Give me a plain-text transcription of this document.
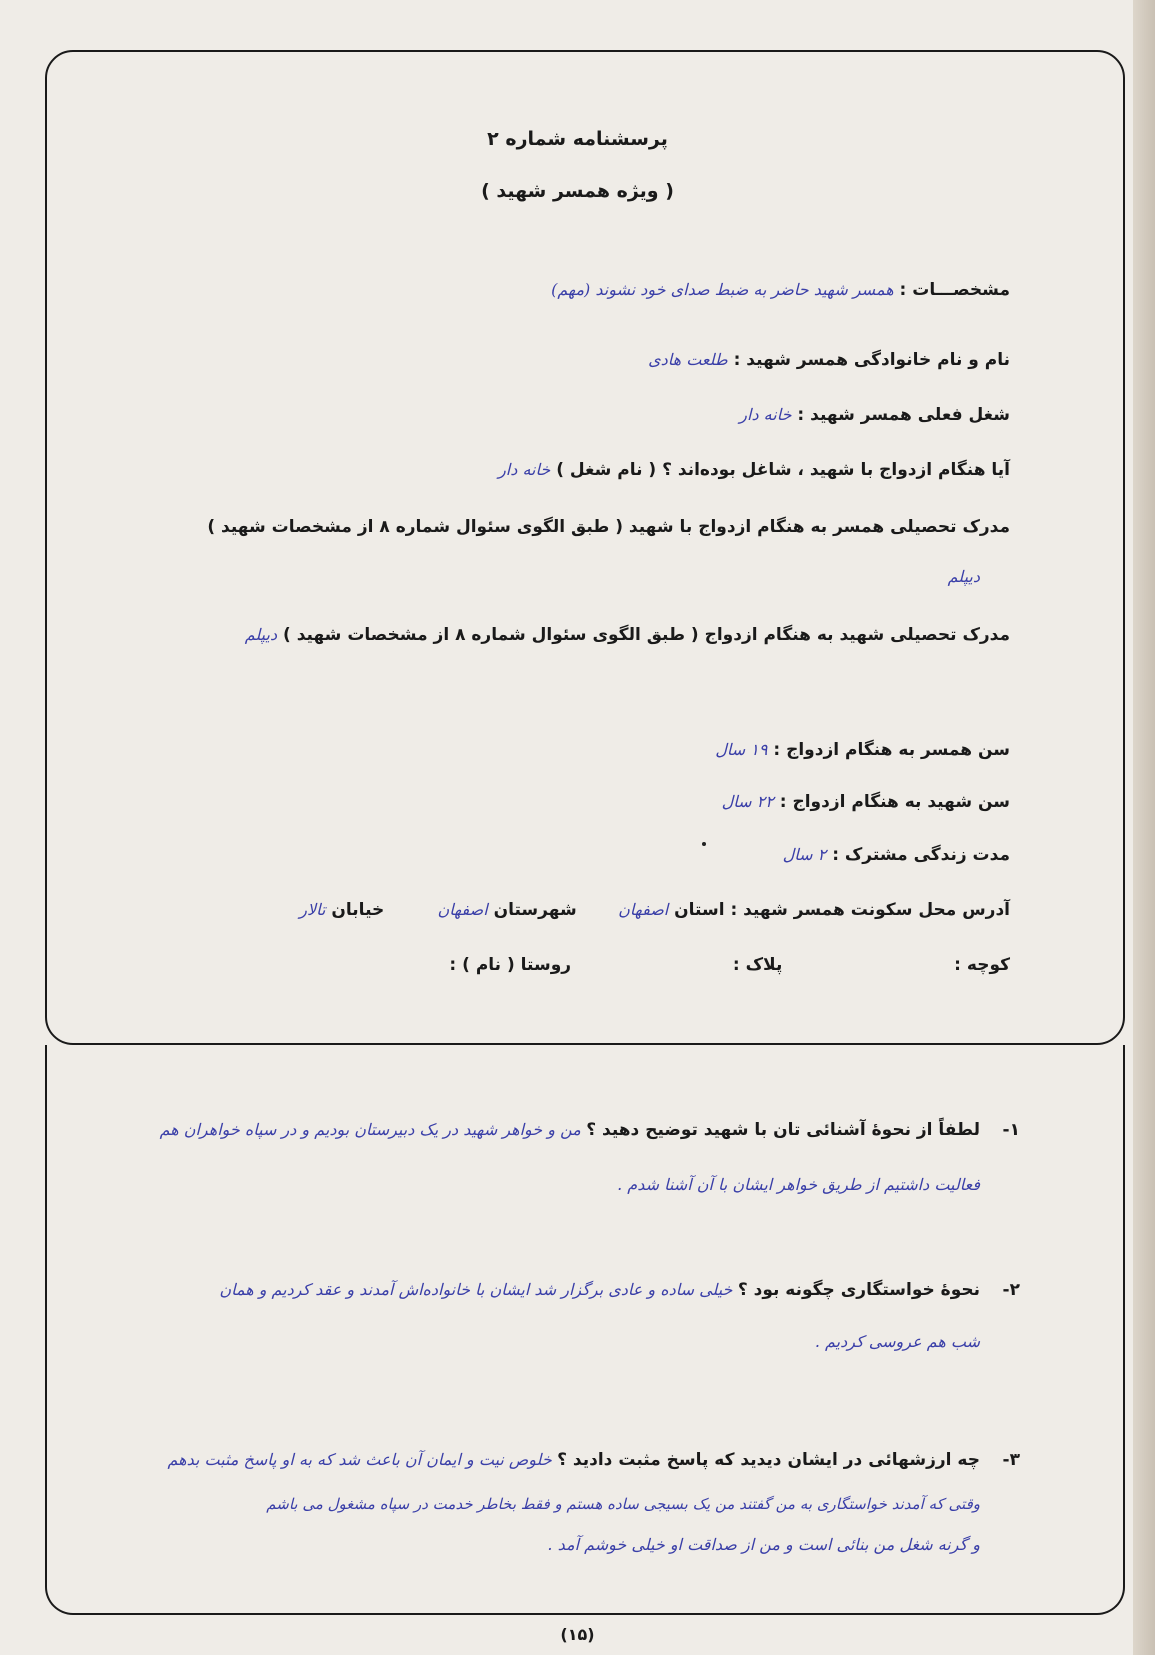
پرسشنامه شماره ۲
( ویژه همسر شهید )
مشخصـــات : همسر شهید حاضر به ضبط صدای خود نشوند (مهم)
نام و نام خانوادگی همسر شهید : طلعت هادی
شغل فعلی همسر شهید : خانه دار
آیا هنگام ازدواج با شهید ، شاغل بوده‌اند ؟ ( نام شغل ) خانه دار
مدرک تحصیلی همسر به هنگام ازدواج با شهید ( طبق الگوی سئوال شماره ۸ از مشخصات شهید )
دیپلم
مدرک تحصیلی شهید به هنگام ازدواج ( طبق الگوی سئوال شماره ۸ از مشخصات شهید ) دیپلم
سن همسر به هنگام ازدواج : ۱۹ سال
سن شهید به هنگام ازدواج : ۲۲ سال
مدت زندگی مشترک : ۲ سال
آدرس محل سکونت همسر شهید : استان اصفهان       شهرستان اصفهان         خیابان تالار
کوچه :  پلاک :  روستا ( نام ) :
۱-
لطفاً از نحوهٔ آشنائی تان با شهید توضیح دهید ؟ من و خواهر شهید در یک دبیرستان بودیم و در سپاه خواهران هم
فعالیت داشتیم از طریق خواهر ایشان با آن آشنا شدم .
۲-
نحوهٔ خواستگاری چگونه بود ؟ خیلی ساده و عادی برگزار شد ایشان با خانواده‌اش آمدند و عقد کردیم و همان
شب هم عروسی کردیم .
۳-
چه ارزشهائی در ایشان دیدید که پاسخ مثبت دادید ؟ خلوص نیت و ایمان آن باعث شد که به او پاسخ مثبت بدهم
وقتی که آمدند خواستگاری به من گفتند من یک بسیجی ساده هستم و فقط بخاطر خدمت در سپاه مشغول می باشم
و گرنه شغل من بنائی است و من از صداقت او خیلی خوشم آمد .
(۱۵)
